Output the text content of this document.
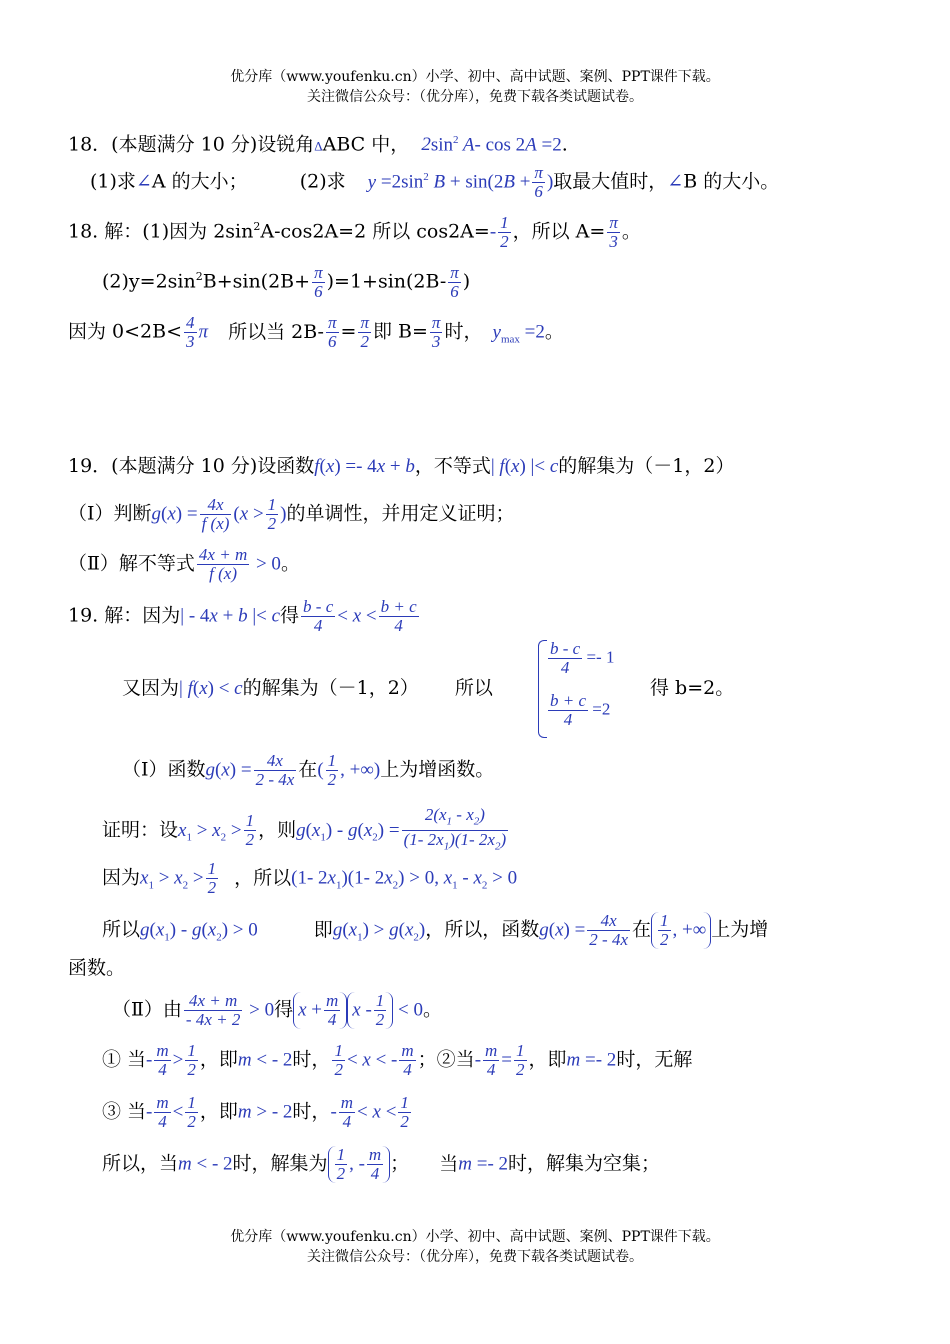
优分库（www.youfenku.cn）小学、初中、高中试题、案例、PPT课件下载。
关注微信公众号：（优分库），免费下载各类试题试卷。
18．(本题满分 10 分)设锐角ΔABC 中， $2\sin^2$ A- cos 2A =2.
(1)求∠A 的大小；	(2)求 $y =2\sin^2$ $B + \sin(2B + \frac{\pi}{6}$ )取最大值时，∠B 的大小。
18. 解：(1)因为 $2\sin^2A-\cos 2A=2$ 所以 $\cos 2A=- \frac{1}{2}$ ，所以 $A= \frac{\pi}{3}$ 。
$(2)y=2\sin^2B+\sin(2B+ \frac{\pi}{6} )=1+\sin(2B- \frac{\pi}{6}$ )
因为 $0<2B< \frac{4}{3}$ π 所以当 $2B- \frac{\pi}{6} = \frac{\pi}{2}$ 即 $B= \frac{\pi}{3}$ 时， $y_{max} =2$。
19．(本题满分 10 分)设函数f(x) =- 4x + b，不等式| f(x) |< c的解集为（－1，2）
（Ⅰ）判断$g(x) = \frac{4x}{f (x)} (x > \frac{1}{2}$ )的单调性，并用定义证明；
（Ⅱ）解不等式 $\frac{4x + m}{f (x)} > 0$。
19. 解：因为| - 4x + b |< c得 $\frac{b - c}{4} < x < \frac{b + c}{4}$
又因为| f(x) < c的解集为（－1，2） 所以
$\frac{b - c}{4} =- 1$
$\frac{b + c}{4} =2$
得 b=2。
（Ⅰ）函数$g(x) = \frac{4x}{2 - 4x}$ 在( $\frac{1}{2}$ , +∞)上为增函数。
证明：设$x_1 > x_2 > \frac{1}{2}$ ，则$g(x_1) - g(x_2) = \frac{2(x_1 - x_2)}{(1- 2x_1)(1- 2x_2)}$
因为$x_1 > x_2 > \frac{1}{2}$ ，所以(1- $2x_1)(1-$ $2x_2) > 0$, $x_1 - x_2 > 0$
所以$g(x_1) - g(x_2) > 0$	即$g(x_1) > g(x_2)$，所以，函数$g(x) = \frac{4x}{2 - 4x}$ 在 $\frac{1}{2}$ , +∞ 上为增
函数。
（Ⅱ）由 $\frac{4x + m}{- 4x + 2} > 0$得 $x + \frac{m}{4}$ $x - \frac{1}{2} < 0$。
① 当- $\frac{m}{4} > \frac{1}{2}$ ，即m < - 2时， $\frac{1}{2} < x$ < - $\frac{m}{4}$ ；②当- $\frac{m}{4} = \frac{1}{2}$ ，即m =- 2时，无解
③ 当- $\frac{m}{4} < \frac{1}{2}$ ，即m > - 2时，- $\frac{m}{4} < x < \frac{1}{2}$
所以，当m < - 2时，解集为 $\frac{1}{2}$ , - $\frac{m}{4}$ ； 当m =- 2时，解集为空集；
优分库（www.youfenku.cn）小学、初中、高中试题、案例、PPT课件下载。
关注微信公众号：（优分库），免费下载各类试题试卷。
